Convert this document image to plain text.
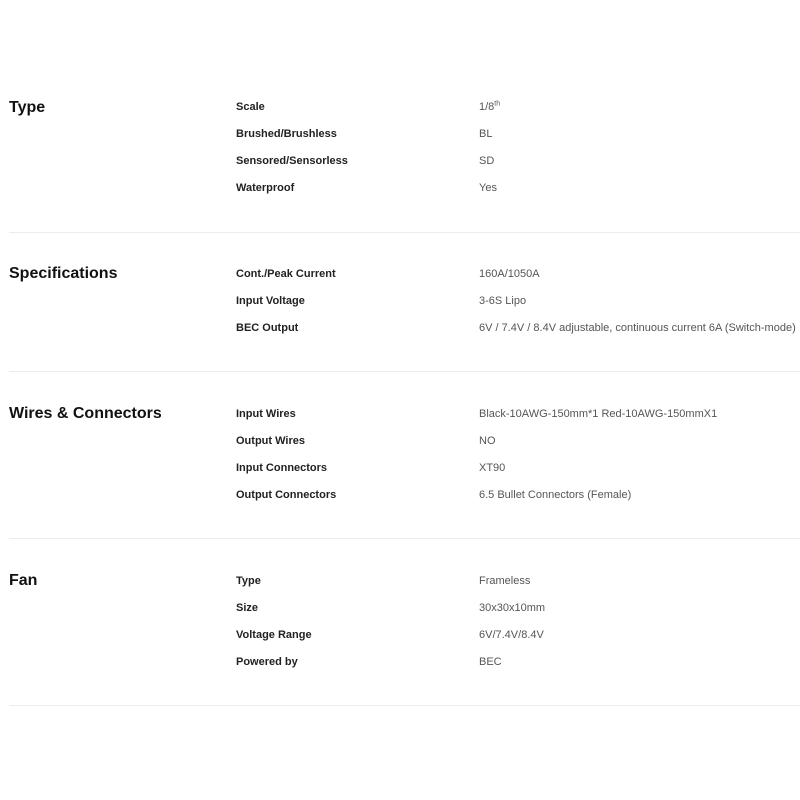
Type	Scale	1/8th
Brushed/Brushless	BL
Sensored/Sensorless	SD
Waterproof	Yes
Specifications	Cont./Peak Current	160A/1050A
Input Voltage	3-6S Lipo
BEC Output	6V / 7.4V / 8.4V adjustable, continuous current 6A (Switch-mode)
Wires & Connectors	Input Wires	Black-10AWG-150mm*1 Red-10AWG-150mmX1
Output Wires	NO
Input Connectors	XT90
Output Connectors	6.5 Bullet Connectors (Female)
Fan	Type	Frameless
Size	30x30x10mm
Voltage Range	6V/7.4V/8.4V
Powered by	BEC
